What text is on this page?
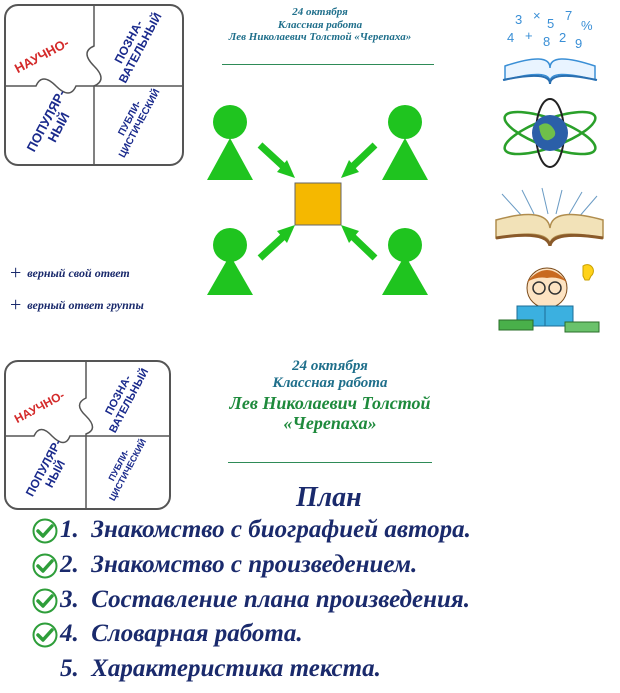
НАУЧНО-	ПОЗНА-ВАТЕЛЬНЫЙ
ПОПУЛЯР-НЫЙ	ПУБЛИ-ЦИСТИЧЕСКИЙ
24 октября
Классная работа
Лев Николаевич Толстой «Черепаха»
+ верный свой ответ
+ верный ответ группы
3 ×
5
7
%
4 + 8 2 9
НАУЧНО-	ПОЗНА-ВАТЕЛЬНЫЙ
ПОПУЛЯР-НЫЙ	ПУБЛИ-ЦИСТИЧЕСКИЙ
24 октября
Классная работа
Лев Николаевич Толстой
«Черепаха»
План
1. Знакомство с биографией автора.
2. Знакомство с произведением.
3. Составление плана произведения.
4. Словарная работа.
5. Характеристика текста.
